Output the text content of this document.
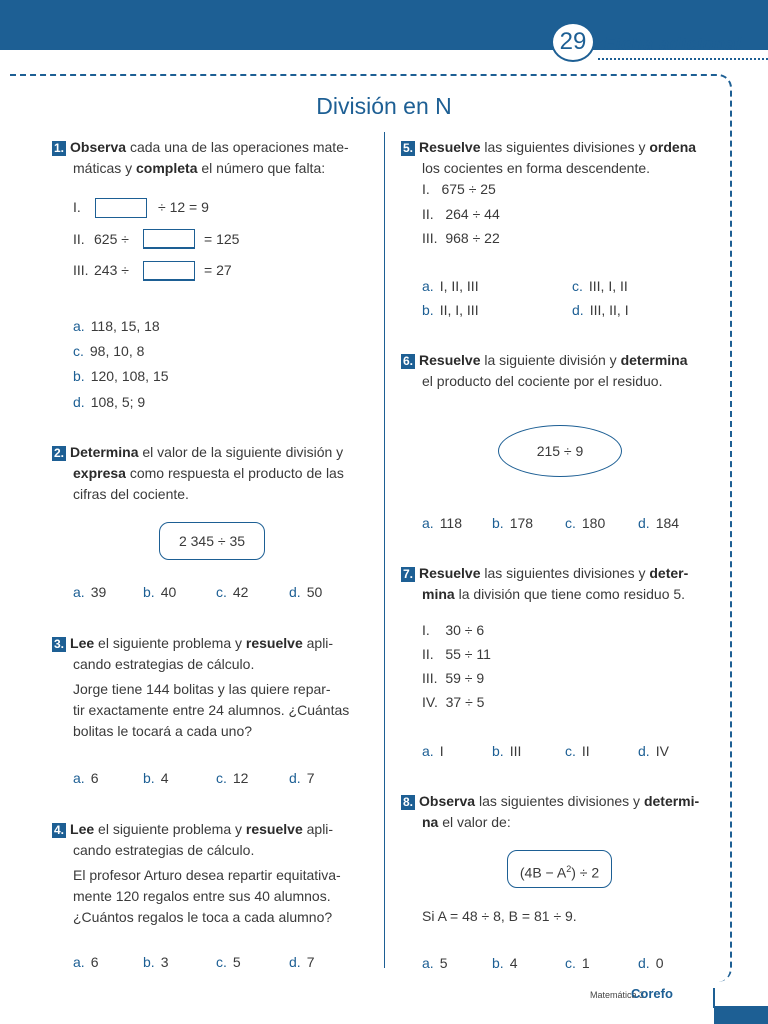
29 Ficha adicional
División en N
1. Observa cada una de las operaciones mate-
máticas y completa el número que falta:
I.	÷ 12 = 9
II. 625 ÷	= 125
III. 243 ÷	= 27
a. 118, 15, 18
c. 98, 10, 8
b. 120, 108, 15
d. 108, 5; 9
2. Determina el valor de la siguiente división y
expresa como respuesta el producto de las
cifras del cociente.
2 345 ÷ 35
a. 39	b. 40	c. 42	d. 50
3. Lee el siguiente problema y resuelve apli-
cando estrategias de cálculo.
Jorge tiene 144 bolitas y las quiere repar-
tir exactamente entre 24 alumnos. ¿Cuántas
bolitas le tocará a cada uno?
a. 6	b. 4	c. 12	d. 7
4. Lee el siguiente problema y resuelve apli-
cando estrategias de cálculo.
El profesor Arturo desea repartir equitativa-
mente 120 regalos entre sus 40 alumnos.
¿Cuántos regalos le toca a cada alumno?
a. 6	b. 3	c. 5	d. 7
5. Resuelve las siguientes divisiones y ordena
los cocientes en forma descendente.
I.   675 ÷ 25
II.   264 ÷ 44
III.  968 ÷ 22
a. I, II, III	c. III, I, II
b. II, I, III	d. III, II, I
6. Resuelve la siguiente división y determina
el producto del cociente por el residuo.
215 ÷ 9
a. 118 b. 178 c. 180 d. 184
7. Resuelve las siguientes divisiones y deter-
mina la división que tiene como residuo 5.
I.    30 ÷ 6
II.   55 ÷ 11
III.  59 ÷ 9
IV.  37 ÷ 5
a. I	b. III	c. II	d. IV
8. Observa las siguientes divisiones y determi-
na el valor de:
$(4B - A^2) \div 2$
Si A = 48 ÷ 8, B = 81 ÷ 9.
a. 5	b. 4	c. 1	d. 0
Matemática 3
Corefo
